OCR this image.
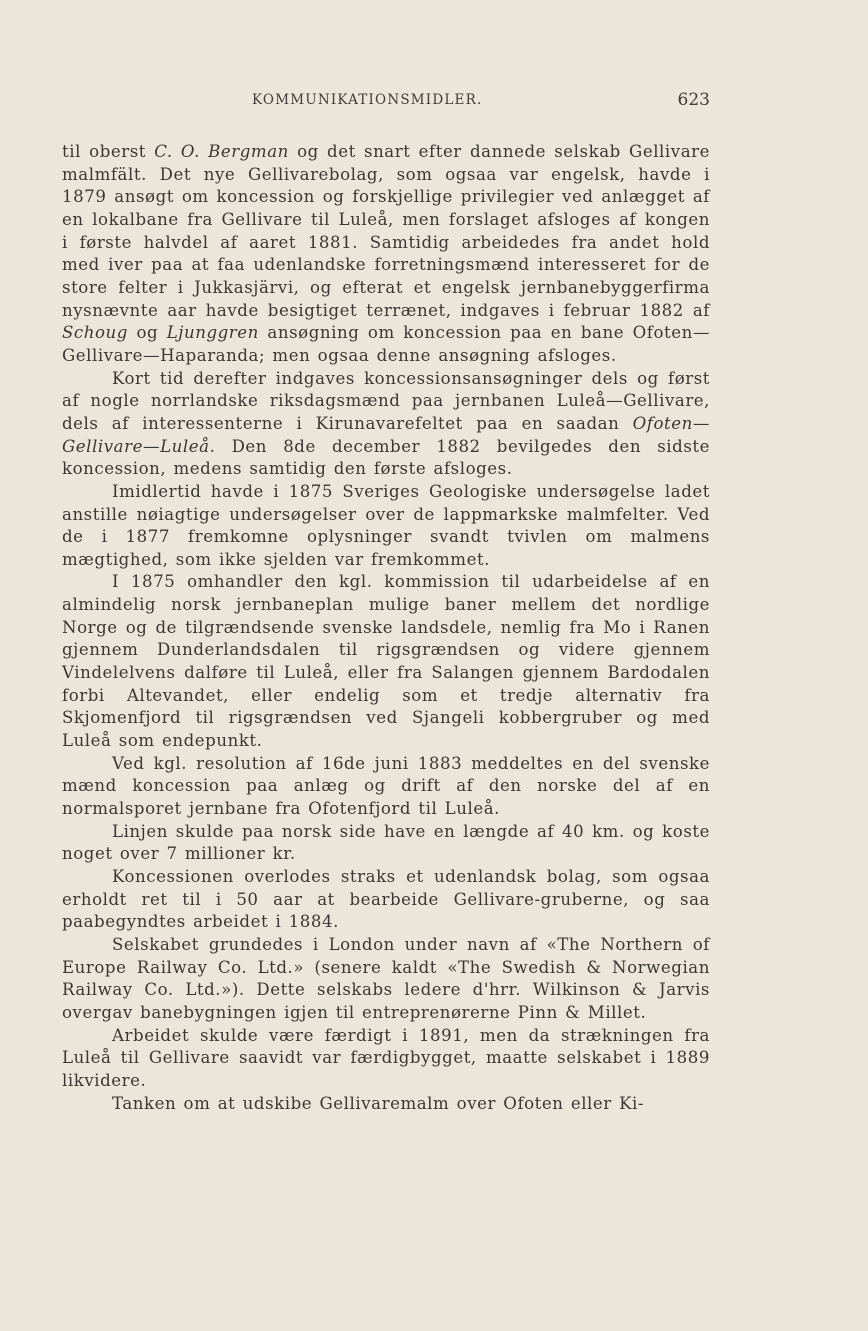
KOMMUNIKATIONSMIDLER.	623

til oberst C. O. Bergman og det snart efter dannede selskab Gellivare malmfält. Det nye Gellivarebolag, som ogsaa var engelsk, havde i 1879 ansøgt om koncession og forskjellige privilegier ved anlægget af en lokalbane fra Gellivare til Luleå, men forslaget afsloges af kongen i første halvdel af aaret 1881. Samtidig arbeidedes fra andet hold med iver paa at faa udenlandske forretningsmænd interesseret for de store felter i Jukkasjärvi, og efterat et engelsk jernbanebyggerfirma nysnævnte aar havde besigtiget terrænet, indgaves i februar 1882 af Schoug og Ljunggren ansøgning om koncession paa en bane Ofoten—Gellivare—Haparanda; men ogsaa denne ansøgning afsloges.

Kort tid derefter indgaves koncessionsansøgninger dels og først af nogle norrlandske riksdagsmænd paa jernbanen Luleå—Gellivare, dels af interessenterne i Kirunavarefeltet paa en saadan Ofoten—Gellivare—Luleå. Den 8de december 1882 bevilgedes den sidste koncession, medens samtidig den første afsloges.

Imidlertid havde i 1875 Sveriges Geologiske undersøgelse ladet anstille nøiagtige undersøgelser over de lappmarkske malmfelter. Ved de i 1877 fremkomne oplysninger svandt tvivlen om malmens mægtighed, som ikke sjelden var fremkommet.

I 1875 omhandler den kgl. kommission til udarbeidelse af en almindelig norsk jernbaneplan mulige baner mellem det nordlige Norge og de tilgrændsende svenske landsdele, nemlig fra Mo i Ranen gjennem Dunderlandsdalen til rigsgrændsen og videre gjennem Vindelelvens dalføre til Luleå, eller fra Salangen gjennem Bardodalen forbi Altevandet, eller endelig som et tredje alternativ fra Skjomenfjord til rigsgrændsen ved Sjangeli kobbergruber og med Luleå som endepunkt.

Ved kgl. resolution af 16de juni 1883 meddeltes en del svenske mænd koncession paa anlæg og drift af den norske del af en normalsporet jernbane fra Ofotenfjord til Luleå.

Linjen skulde paa norsk side have en længde af 40 km. og koste noget over 7 millioner kr.

Koncessionen overlodes straks et udenlandsk bolag, som ogsaa erholdt ret til i 50 aar at bearbeide Gellivare-gruberne, og saa paabegyndtes arbeidet i 1884.

Selskabet grundedes i London under navn af «The Northern of Europe Railway Co. Ltd.» (senere kaldt «The Swedish & Norwegian Railway Co. Ltd.»). Dette selskabs ledere d'hrr. Wilkinson & Jarvis overgav banebygningen igjen til entreprenørerne Pinn & Millet.

Arbeidet skulde være færdigt i 1891, men da strækningen fra Luleå til Gellivare saavidt var færdigbygget, maatte selskabet i 1889 likvidere.

Tanken om at udskibe Gellivaremalm over Ofoten eller Ki-
